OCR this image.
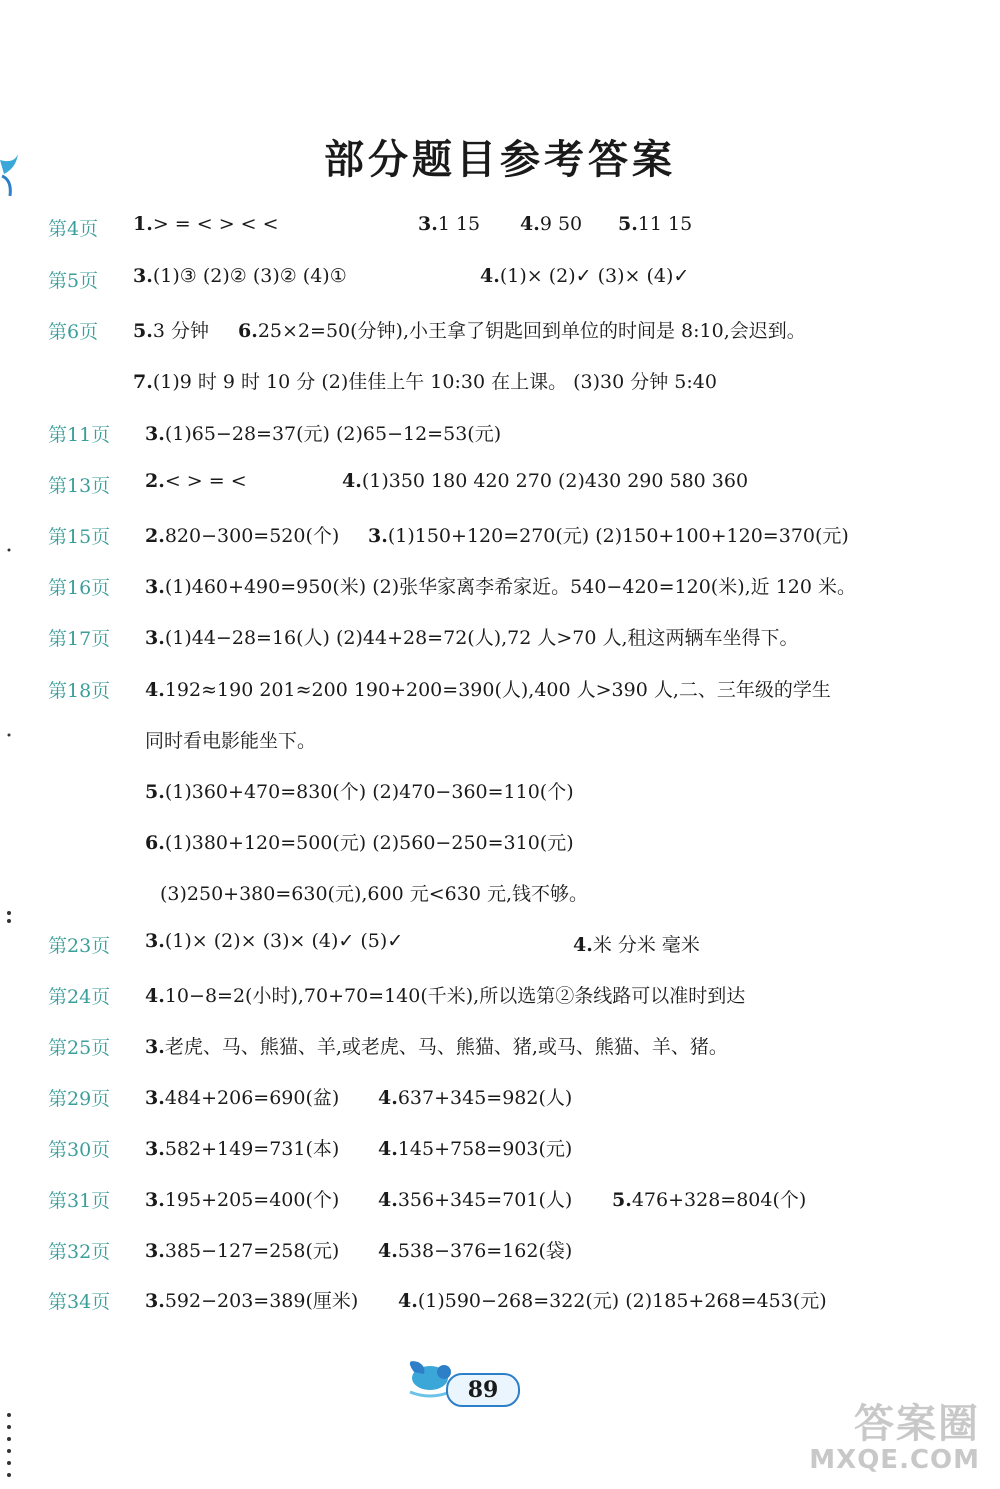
部分题目参考答案
第4页 1.> = < > < <	3.1 15 4.9 50 5.11 15
第5页 3.(1)③ (2)② (3)② (4)①	4.(1)× (2)✓ (3)× (4)✓
第6页 5.3 分钟 6.25×2=50(分钟),小王拿了钥匙回到单位的时间是 8:10,会迟到。
7.(1)9 时 9 时 10 分 (2)佳佳上午 10:30 在上课。 (3)30 分钟 5:40
第11页 3.(1)65−28=37(元) (2)65−12=53(元)
第13页 2.< > = <	4.(1)350 180 420 270 (2)430 290 580 360
第15页 2.820−300=520(个) 3.(1)150+120=270(元) (2)150+100+120=370(元)
第16页 3.(1)460+490=950(米) (2)张华家离李希家近。540−420=120(米),近 120 米。
第17页 3.(1)44−28=16(人) (2)44+28=72(人),72 人>70 人,租这两辆车坐得下。
第18页 4.192≈190 201≈200 190+200=390(人),400 人>390 人,二、三年级的学生
同时看电影能坐下。
5.(1)360+470=830(个) (2)470−360=110(个)
6.(1)380+120=500(元) (2)560−250=310(元)
(3)250+380=630(元),600 元<630 元,钱不够。
第23页 3.(1)× (2)× (3)× (4)✓ (5)✓	4.米 分米 毫米
第24页 4.10−8=2(小时),70+70=140(千米),所以选第②条线路可以准时到达
第25页 3.老虎、马、熊猫、羊,或老虎、马、熊猫、猪,或马、熊猫、羊、猪。
第29页 3.484+206=690(盆) 4.637+345=982(人)
第30页 3.582+149=731(本) 4.145+758=903(元)
第31页 3.195+205=400(个) 4.356+345=701(人) 5.476+328=804(个)
第32页 3.385−127=258(元) 4.538−376=162(袋)
第34页 3.592−203=389(厘米) 4.(1)590−268=322(元) (2)185+268=453(元)
89
答案圈
MXQE.COM
